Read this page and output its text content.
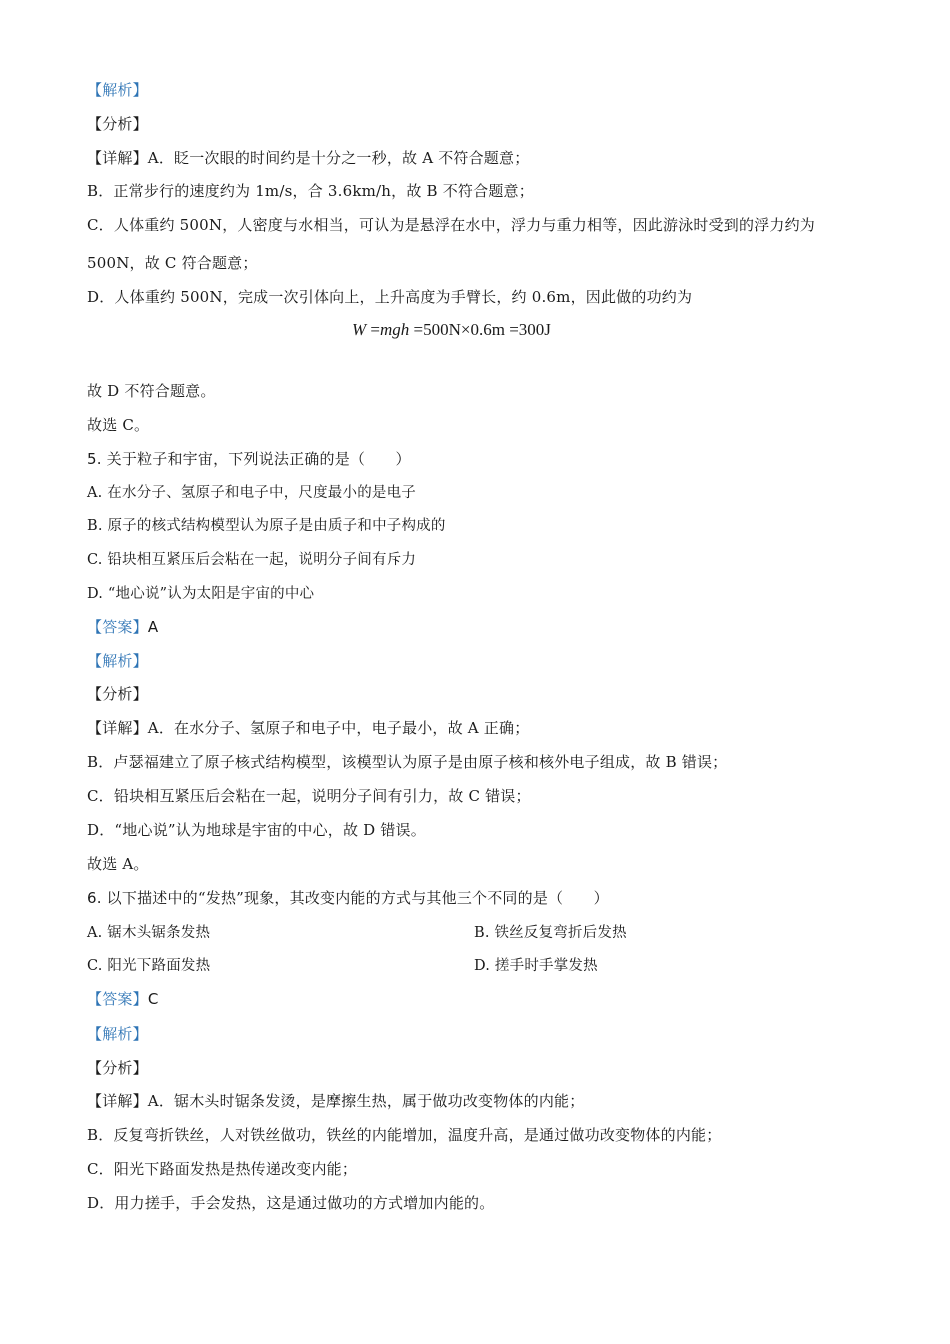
【解析】
【分析】
【详解】A．眨一次眼的时间约是十分之一秒，故 A 不符合题意；
B．正常步行的速度约为 1m/s，合 3.6km/h，故 B 不符合题意；
C．人体重约 500N，人密度与水相当，可认为是悬浮在水中，浮力与重力相等，因此游泳时受到的浮力约为
500N，故 C 符合题意；
D．人体重约 500N，完成一次引体向上，上升高度为手臂长，约 0.6m，因此做的功约为
W =mgh =500N×0.6m =300J
故 D 不符合题意。
故选 C。
5. 关于粒子和宇宙，下列说法正确的是（　　）
A. 在水分子、氢原子和电子中，尺度最小的是电子
B. 原子的核式结构模型认为原子是由质子和中子构成的
C. 铅块相互紧压后会粘在一起，说明分子间有斥力
D. “地心说”认为太阳是宇宙的中心
【答案】A
【解析】
【分析】
【详解】A．在水分子、氢原子和电子中，电子最小，故 A 正确；
B．卢瑟福建立了原子核式结构模型，该模型认为原子是由原子核和核外电子组成，故 B 错误；
C．铅块相互紧压后会粘在一起，说明分子间有引力，故 C 错误；
D．“地心说”认为地球是宇宙的中心，故 D 错误。
故选 A。
6. 以下描述中的“发热”现象，其改变内能的方式与其他三个不同的是（　　）
A. 锯木头锯条发热	B. 铁丝反复弯折后发热
C. 阳光下路面发热	D. 搓手时手掌发热
【答案】C
【解析】
【分析】
【详解】A．锯木头时锯条发烫，是摩擦生热，属于做功改变物体的内能；
B．反复弯折铁丝，人对铁丝做功，铁丝的内能增加，温度升高，是通过做功改变物体的内能；
C．阳光下路面发热是热传递改变内能；
D．用力搓手，手会发热，这是通过做功的方式增加内能的。
